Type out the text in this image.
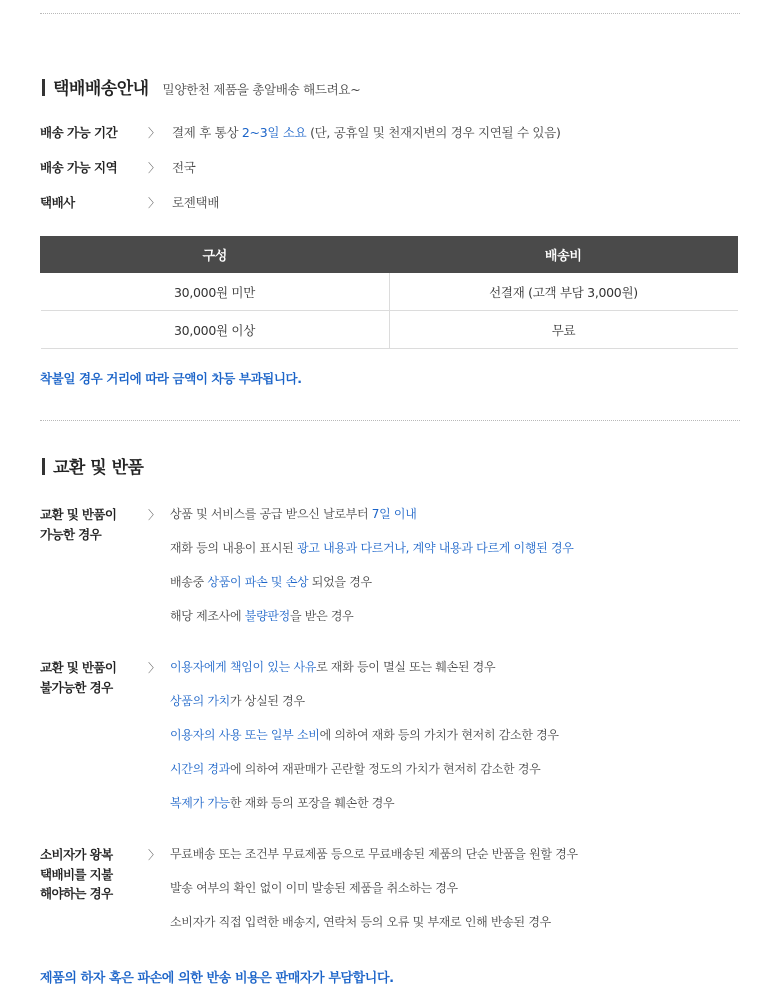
택배배송안내 밀양한천 제품을 총알배송 해드려요~
배송 가능 기간	〉 결제 후 통상 2~3일 소요 (단, 공휴일 및 천재지변의 경우 지연될 수 있음)
배송 가능 지역	〉 전국
택배사	〉 로젠택배
구성	배송비
30,000원 미만	선결재 (고객 부담 3,000원)
30,000원 이상	무료
착불일 경우 거리에 따라 금액이 차등 부과됩니다.
교환 및 반품
교환 및 반품이
가능한 경우
〉 상품 및 서비스를 공급 받으신 날로부터 7일 이내
재화 등의 내용이 표시된 광고 내용과 다르거나, 계약 내용과 다르게 이행된 경우
배송중 상품이 파손 및 손상 되었을 경우
해당 제조사에 불량판정을 받은 경우
교환 및 반품이
불가능한 경우
〉 이용자에게 책임이 있는 사유로 재화 등이 멸실 또는 훼손된 경우
상품의 가치가 상실된 경우
이용자의 사용 또는 일부 소비에 의하여 재화 등의 가치가 현저히 감소한 경우
시간의 경과에 의하여 재판매가 곤란할 정도의 가치가 현저히 감소한 경우
복제가 가능한 재화 등의 포장을 훼손한 경우
소비자가 왕복
택배비를 지불
해야하는 경우
〉 무료배송 또는 조건부 무료제품 등으로 무료배송된 제품의 단순 반품을 원할 경우
발송 여부의 확인 없이 이미 발송된 제품을 취소하는 경우
소비자가 직접 입력한 배송지, 연락처 등의 오류 및 부재로 인해 반송된 경우
제품의 하자 혹은 파손에 의한 반송 비용은 판매자가 부담합니다.
